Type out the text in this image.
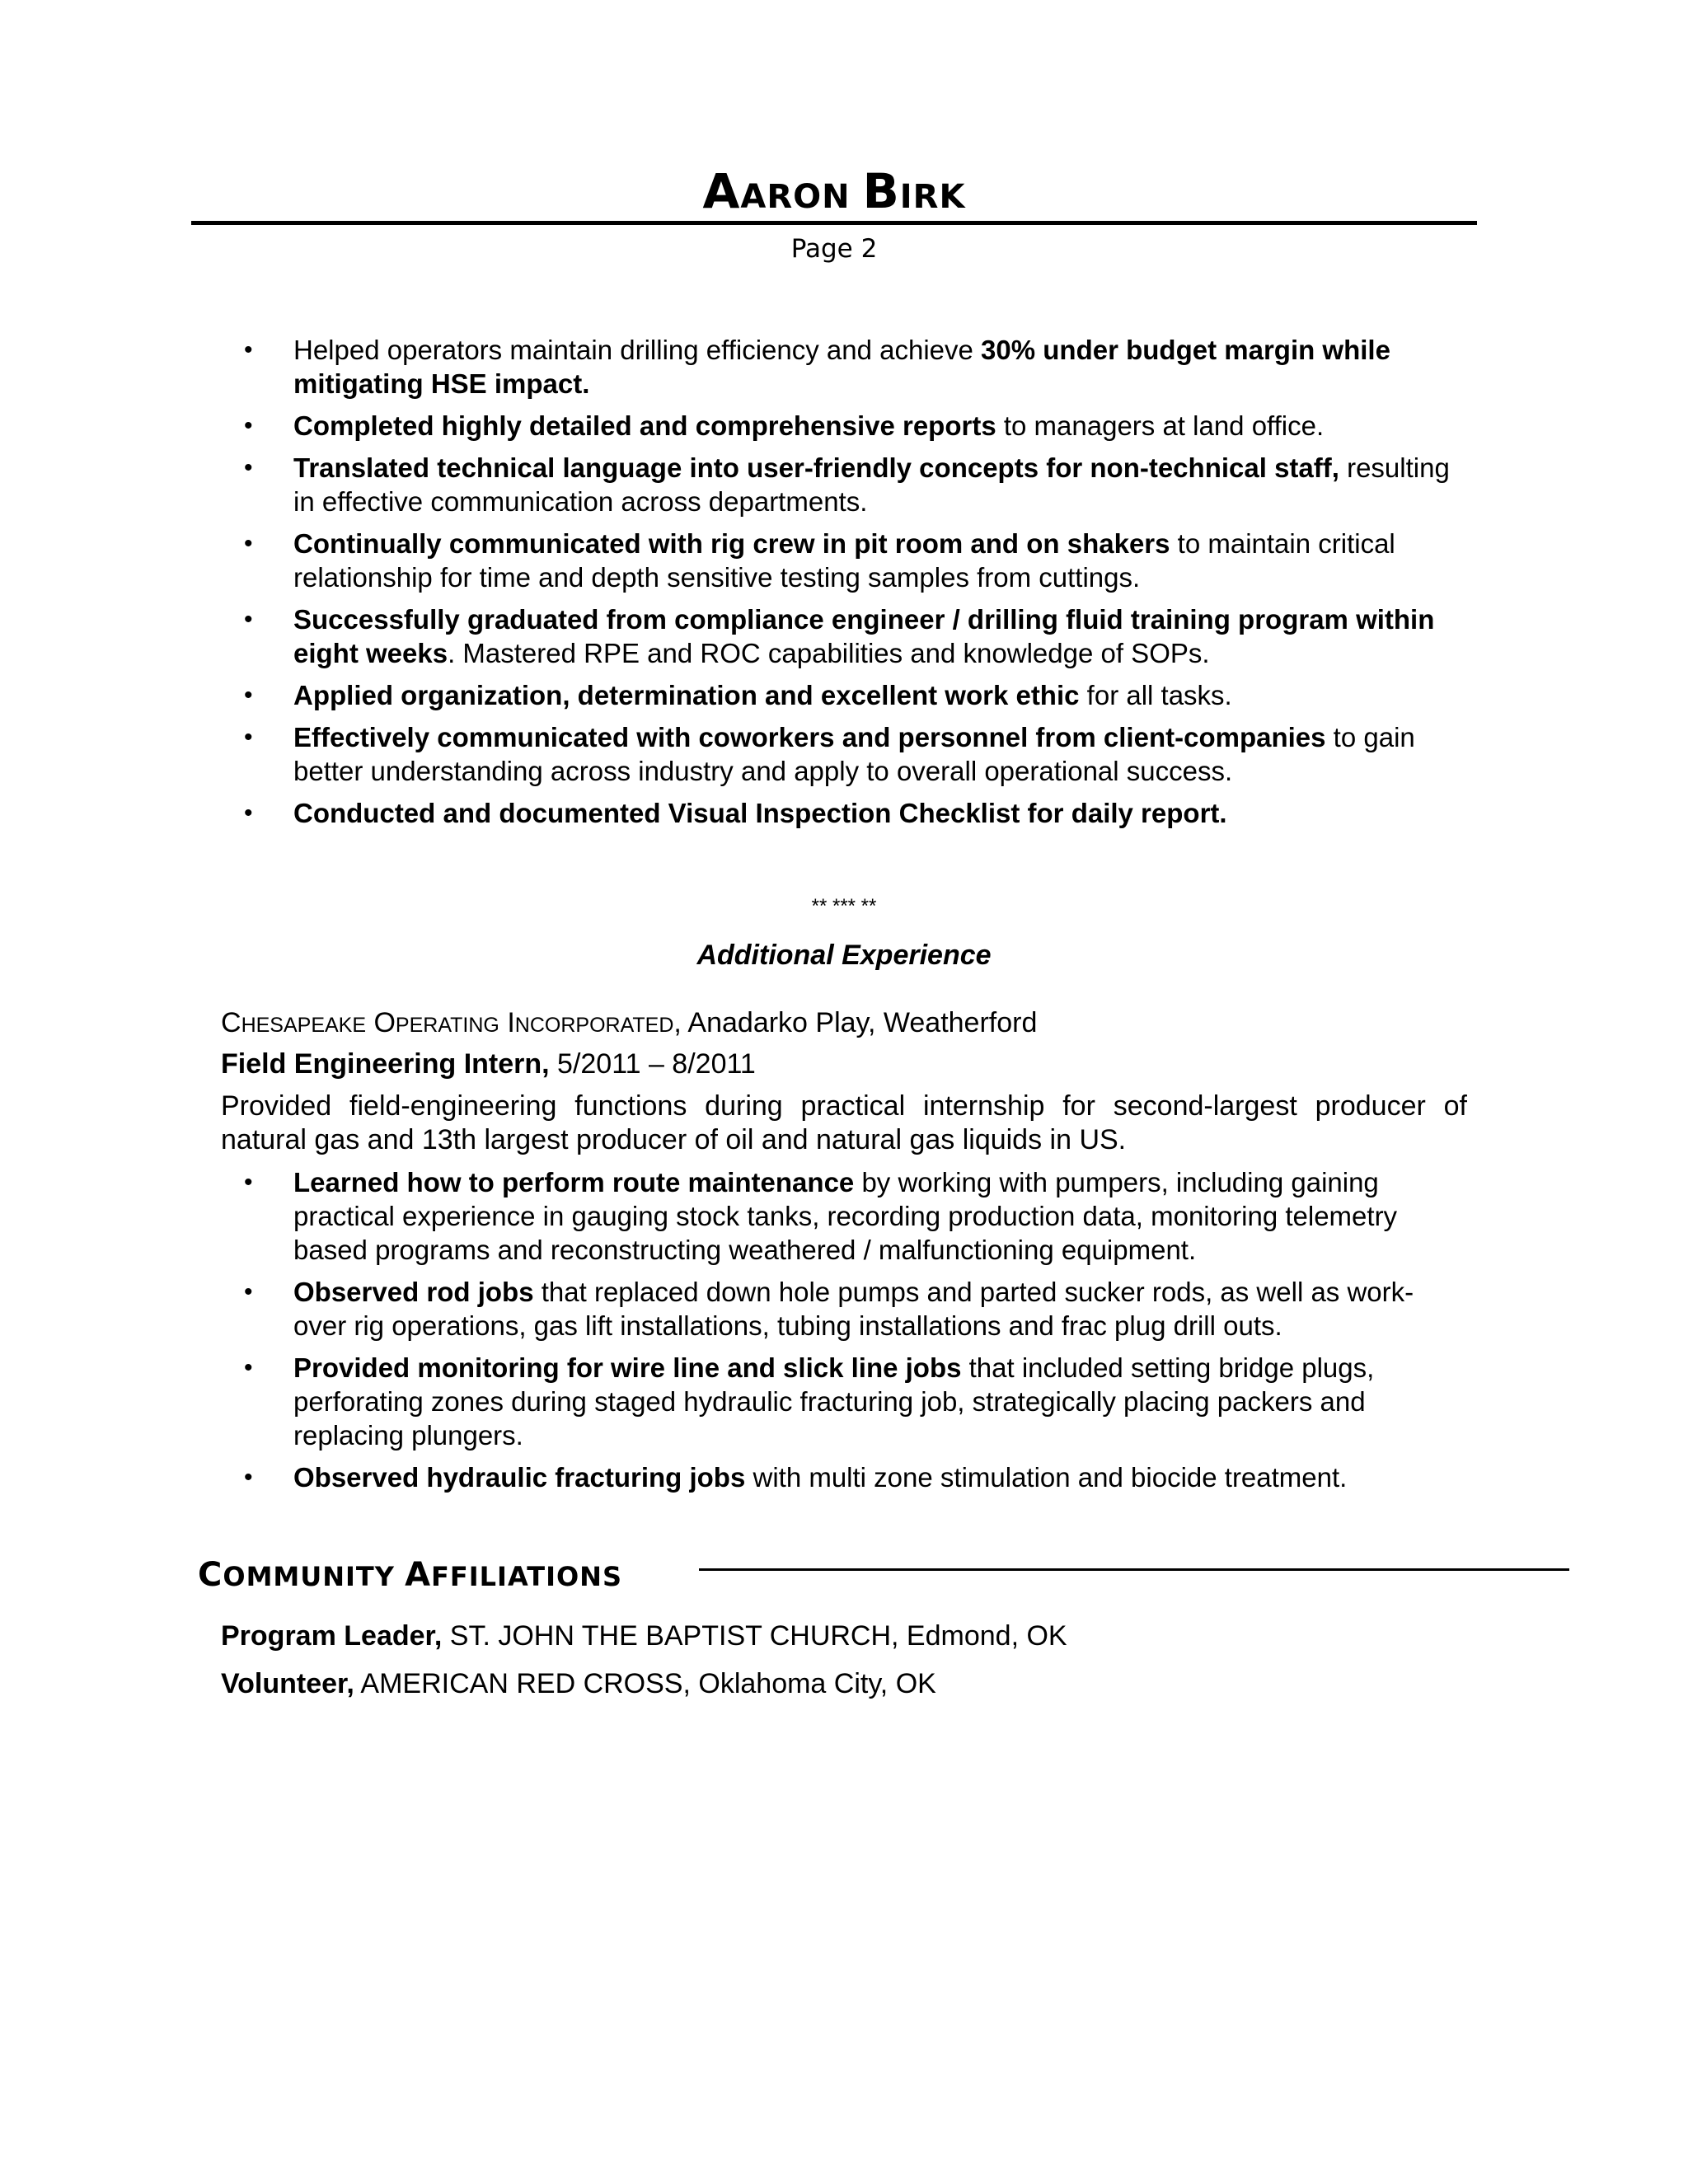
AARON BIRK
Page 2
• Helped operators maintain drilling efficiency and achieve 30% under budget margin while mitigating HSE impact.
• Completed highly detailed and comprehensive reports to managers at land office.
• Translated technical language into user-friendly concepts for non-technical staff, resulting in effective communication across departments.
• Continually communicated with rig crew in pit room and on shakers to maintain critical relationship for time and depth sensitive testing samples from cuttings.
• Successfully graduated from compliance engineer / drilling fluid training program within eight weeks. Mastered RPE and ROC capabilities and knowledge of SOPs.
• Applied organization, determination and excellent work ethic for all tasks.
• Effectively communicated with coworkers and personnel from client-companies to gain better understanding across industry and apply to overall operational success.
• Conducted and documented Visual Inspection Checklist for daily report.
** *** **
Additional Experience
CHESAPEAKE OPERATING INCORPORATED, Anadarko Play, Weatherford
Field Engineering Intern, 5/2011 – 8/2011
Provided field-engineering functions during practical internship for second-largest producer of natural gas and 13th largest producer of oil and natural gas liquids in US.
• Learned how to perform route maintenance by working with pumpers, including gaining practical experience in gauging stock tanks, recording production data, monitoring telemetry based programs and reconstructing weathered / malfunctioning equipment.
• Observed rod jobs that replaced down hole pumps and parted sucker rods, as well as work-over rig operations, gas lift installations, tubing installations and frac plug drill outs.
• Provided monitoring for wire line and slick line jobs that included setting bridge plugs, perforating zones during staged hydraulic fracturing job, strategically placing packers and replacing plungers.
• Observed hydraulic fracturing jobs with multi zone stimulation and biocide treatment.
COMMUNITY AFFILIATIONS
Program Leader, ST. JOHN THE BAPTIST CHURCH, Edmond, OK
Volunteer, AMERICAN RED CROSS, Oklahoma City, OK
